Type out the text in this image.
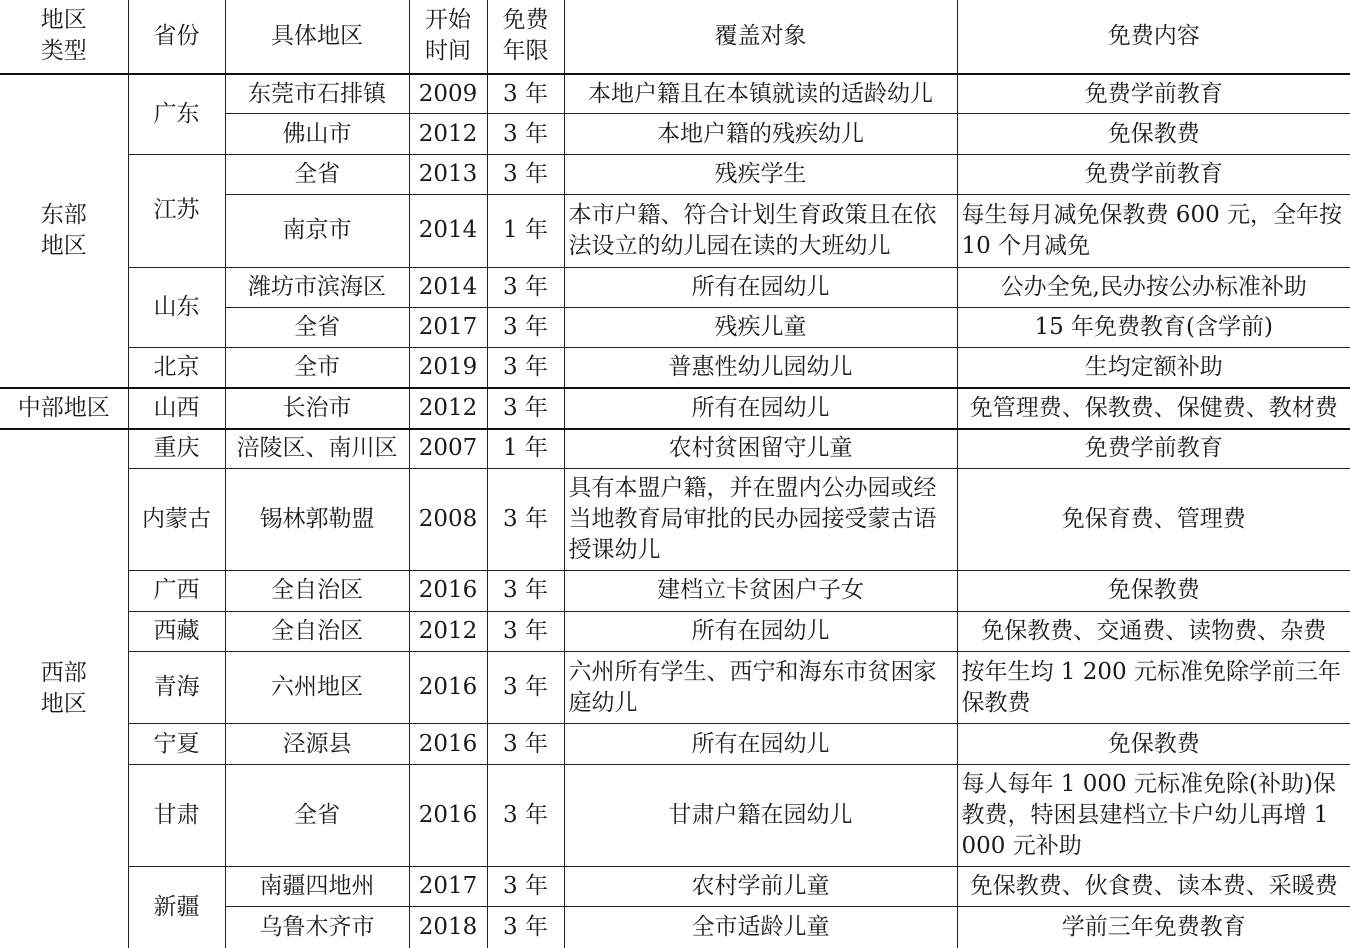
地区类型	省份	具体地区	开始时间	免费年限	覆盖对象	免费内容
东部地区	广东	东莞市石排镇	2009	3 年	本地户籍且在本镇就读的适龄幼儿	免费学前教育
		佛山市	2012	3 年	本地户籍的残疾幼儿	免保教费
	江苏	全省	2013	3 年	残疾学生	免费学前教育
		南京市	2014	1 年	本市户籍、符合计划生育政策且在依法设立的幼儿园在读的大班幼儿	每生每月减免保教费 600 元，全年按 10 个月减免
	山东	潍坊市滨海区	2014	3 年	所有在园幼儿	公办全免,民办按公办标准补助
		全省	2017	3 年	残疾儿童	15 年免费教育(含学前)
	北京	全市	2019	3 年	普惠性幼儿园幼儿	生均定额补助
中部地区	山西	长治市	2012	3 年	所有在园幼儿	免管理费、保教费、保健费、教材费
西部地区	重庆	涪陵区、南川区	2007	1 年	农村贫困留守儿童	免费学前教育
	内蒙古	锡林郭勒盟	2008	3 年	具有本盟户籍，并在盟内公办园或经当地教育局审批的民办园接受蒙古语授课幼儿	免保育费、管理费
	广西	全自治区	2016	3 年	建档立卡贫困户子女	免保教费
	西藏	全自治区	2012	3 年	所有在园幼儿	免保教费、交通费、读物费、杂费
	青海	六州地区	2016	3 年	六州所有学生、西宁和海东市贫困家庭幼儿	按年生均 1 200 元标准免除学前三年保教费
	宁夏	泾源县	2016	3 年	所有在园幼儿	免保教费
	甘肃	全省	2016	3 年	甘肃户籍在园幼儿	每人每年 1 000 元标准免除(补助)保教费，特困县建档立卡户幼儿再增 1 000 元补助
	新疆	南疆四地州	2017	3 年	农村学前儿童	免保教费、伙食费、读本费、采暖费
		乌鲁木齐市	2018	3 年	全市适龄儿童	学前三年免费教育
